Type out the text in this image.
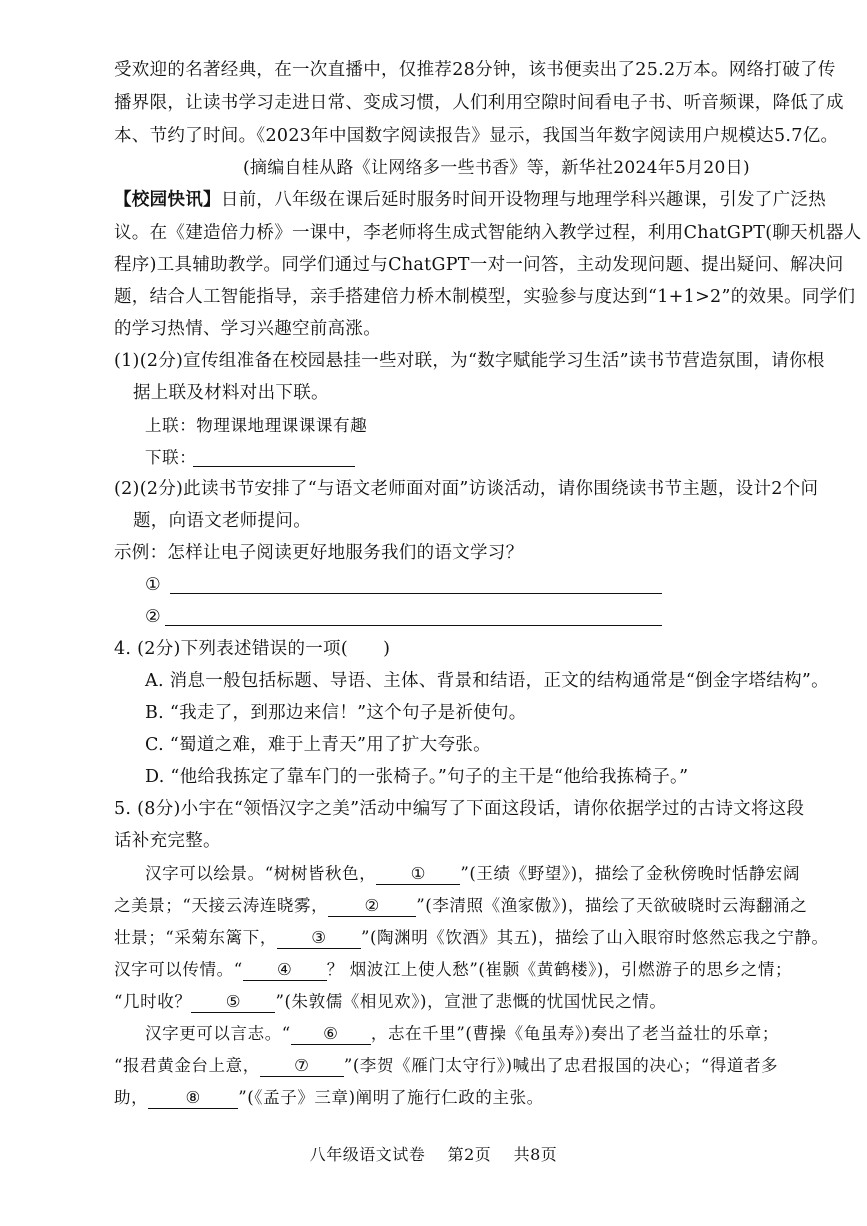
受欢迎的名著经典，在一次直播中，仅推荐28分钟，该书便卖出了25.2万本。网络打破了传
播界限，让读书学习走进日常、变成习惯，人们利用空隙时间看电子书、听音频课，降低了成
本、节约了时间。《2023年中国数字阅读报告》显示，我国当年数字阅读用户规模达5.7亿。
(摘编自桂从路《让网络多一些书香》等，新华社2024年5月20日)
【校园快讯】日前，八年级在课后延时服务时间开设物理与地理学科兴趣课，引发了广泛热
议。在《建造倍力桥》一课中，李老师将生成式智能纳入教学过程，利用ChatGPT(聊天机器人
程序)工具辅助教学。同学们通过与ChatGPT一对一问答，主动发现问题、提出疑问、解决问
题，结合人工智能指导，亲手搭建倍力桥木制模型，实验参与度达到“1+1>2”的效果。同学们
的学习热情、学习兴趣空前高涨。
(1)(2分)宣传组准备在校园悬挂一些对联，为“数字赋能学习生活”读书节营造氛围，请你根
据上联及材料对出下联。
上联：物理课地理课课课有趣
下联：
(2)(2分)此读书节安排了“与语文老师面对面”访谈活动，请你围绕读书节主题，设计2个问
题，向语文老师提问。
示例：怎样让电子阅读更好地服务我们的语文学习？
①
②
4. (2分)下列表述错误的一项(      )
A. 消息一般包括标题、导语、主体、背景和结语，正文的结构通常是“倒金字塔结构”。
B. “我走了，到那边来信！”这个句子是祈使句。
C. “蜀道之难，难于上青天”用了扩大夸张。
D. “他给我拣定了靠车门的一张椅子。”句子的主干是“他给我拣椅子。”
5. (8分)小宇在“领悟汉字之美”活动中编写了下面这段话，请你依据学过的古诗文将这段
话补充完整。
汉字可以绘景。“树树皆秋色， ① ”(王绩《野望》)，描绘了金秋傍晚时恬静宏阔
之美景；“天接云涛连晓雾， ② ”(李清照《渔家傲》)，描绘了天欲破晓时云海翻涌之
壮景；“采菊东篱下， ③ ”(陶渊明《饮酒》其五)，描绘了山入眼帘时悠然忘我之宁静。
汉字可以传情。“ ④ ？ 烟波江上使人愁”(崔颢《黄鹤楼》)，引燃游子的思乡之情；
“几时收？ ⑤ ”(朱敦儒《相见欢》)，宣泄了悲慨的忧国忧民之情。
汉字更可以言志。“ ⑥ ，志在千里”(曹操《龟虽寿》)奏出了老当益壮的乐章；
“报君黄金台上意， ⑦ ”(李贺《雁门太守行》)喊出了忠君报国的决心；“得道者多
助， ⑧ ”(《孟子》三章)阐明了施行仁政的主张。
八年级语文试卷 第2页 共8页
